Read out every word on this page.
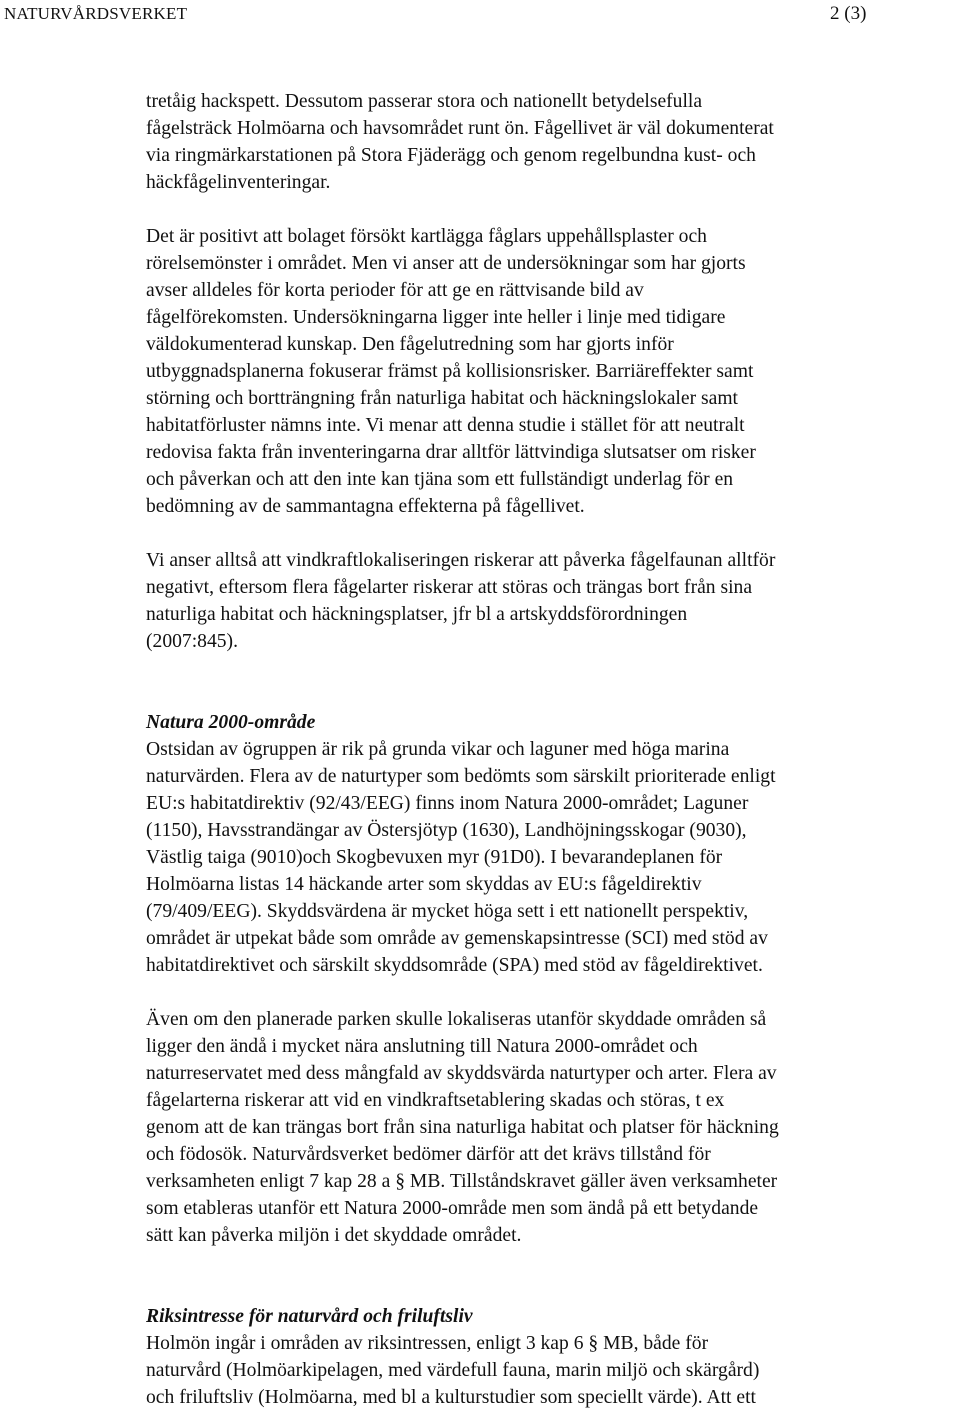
NATURVÅRDSVERKET	2 (3)
tretåig hackspett. Dessutom passerar stora och nationellt betydelsefulla
fågelsträck Holmöarna och havsområdet runt ön. Fågellivet är väl dokumenterat
via ringmärkarstationen på Stora Fjäderägg och genom regelbundna kust- och
häckfågelinventeringar.
Det är positivt att bolaget försökt kartlägga fåglars uppehållsplaster och
rörelsemönster i området. Men vi anser att de undersökningar som har gjorts
avser alldeles för korta perioder för att ge en rättvisande bild av
fågelförekomsten. Undersökningarna ligger inte heller i linje med tidigare
väldokumenterad kunskap. Den fågelutredning som har gjorts inför
utbyggnadsplanerna fokuserar främst på kollisionsrisker. Barriäreffekter samt
störning och bortträngning från naturliga habitat och häckningslokaler samt
habitatförluster nämns inte. Vi menar att denna studie i stället för att neutralt
redovisa fakta från inventeringarna drar alltför lättvindiga slutsatser om risker
och påverkan och att den inte kan tjäna som ett fullständigt underlag för en
bedömning av de sammantagna effekterna på fågellivet.
Vi anser alltså att vindkraftlokaliseringen riskerar att påverka fågelfaunan alltför
negativt, eftersom flera fågelarter riskerar att störas och trängas bort från sina
naturliga habitat och häckningsplatser, jfr bl a artskyddsförordningen
(2007:845).
Natura 2000-område
Ostsidan av ögruppen är rik på grunda vikar och laguner med höga marina
naturvärden. Flera av de naturtyper som bedömts som särskilt prioriterade enligt
EU:s habitatdirektiv (92/43/EEG) finns inom Natura 2000-området; Laguner
(1150), Havsstrandängar av Östersjötyp (1630), Landhöjningsskogar (9030),
Västlig taiga (9010)och Skogbevuxen myr (91D0). I bevarandeplanen för
Holmöarna listas 14 häckande arter som skyddas av EU:s fågeldirektiv
(79/409/EEG). Skyddsvärdena är mycket höga sett i ett nationellt perspektiv,
området är utpekat både som område av gemenskapsintresse (SCI) med stöd av
habitatdirektivet och särskilt skyddsområde (SPA) med stöd av fågeldirektivet.
Även om den planerade parken skulle lokaliseras utanför skyddade områden så
ligger den ändå i mycket nära anslutning till Natura 2000-området och
naturreservatet med dess mångfald av skyddsvärda naturtyper och arter. Flera av
fågelarterna riskerar att vid en vindkraftsetablering skadas och störas, t ex
genom att de kan trängas bort från sina naturliga habitat och platser för häckning
och födosök. Naturvårdsverket bedömer därför att det krävs tillstånd för
verksamheten enligt 7 kap 28 a § MB. Tillståndskravet gäller även verksamheter
som etableras utanför ett Natura 2000-område men som ändå på ett betydande
sätt kan påverka miljön i det skyddade området.
Riksintresse för naturvård och friluftsliv
Holmön ingår i områden av riksintressen, enligt 3 kap 6 § MB, både för
naturvård (Holmöarkipelagen, med värdefull fauna, marin miljö och skärgård)
och friluftsliv (Holmöarna, med bl a kulturstudier som speciellt värde). Att ett
